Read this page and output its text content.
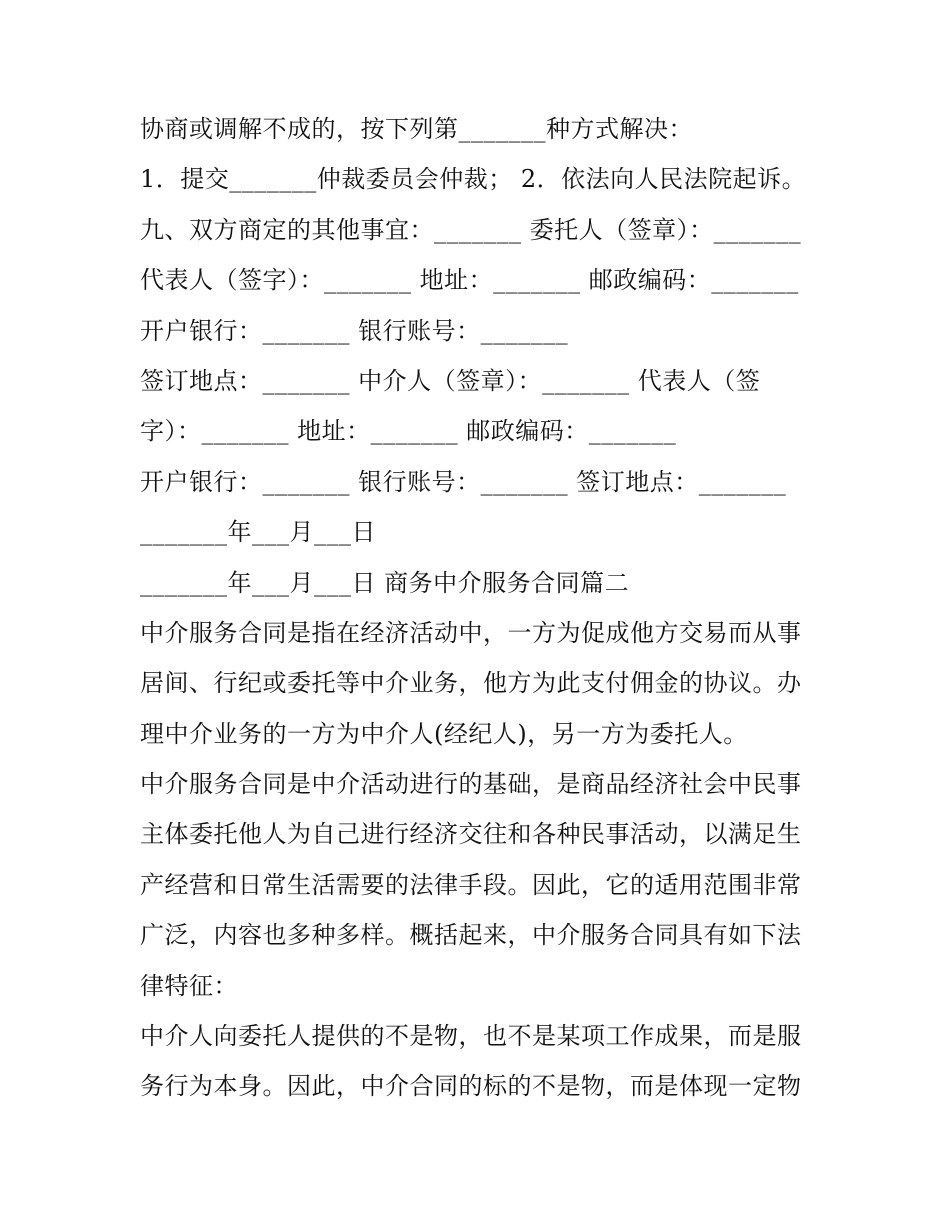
协商或调解不成的，按下列第_______种方式解决：
1．提交_______仲裁委员会仲裁； 2．依法向人民法院起诉。
九、双方商定的其他事宜：_______ 委托人（签章）：_______
代表人（签字）：_______ 地址：_______ 邮政编码：_______
开户银行：_______ 银行账号：_______
签订地点：_______ 中介人（签章）：_______ 代表人（签
字）：_______ 地址：_______ 邮政编码：_______
开户银行：_______ 银行账号：_______ 签订地点：_______
_______年___月___日
_______年___月___日 商务中介服务合同篇二
中介服务合同是指在经济活动中，一方为促成他方交易而从事
居间、行纪或委托等中介业务，他方为此支付佣金的协议。办
理中介业务的一方为中介人(经纪人)，另一方为委托人。
中介服务合同是中介活动进行的基础，是商品经济社会中民事
主体委托他人为自己进行经济交往和各种民事活动，以满足生
产经营和日常生活需要的法律手段。因此，它的适用范围非常
广泛，内容也多种多样。概括起来，中介服务合同具有如下法
律特征：
中介人向委托人提供的不是物，也不是某项工作成果，而是服
务行为本身。因此，中介合同的标的不是物，而是体现一定物
